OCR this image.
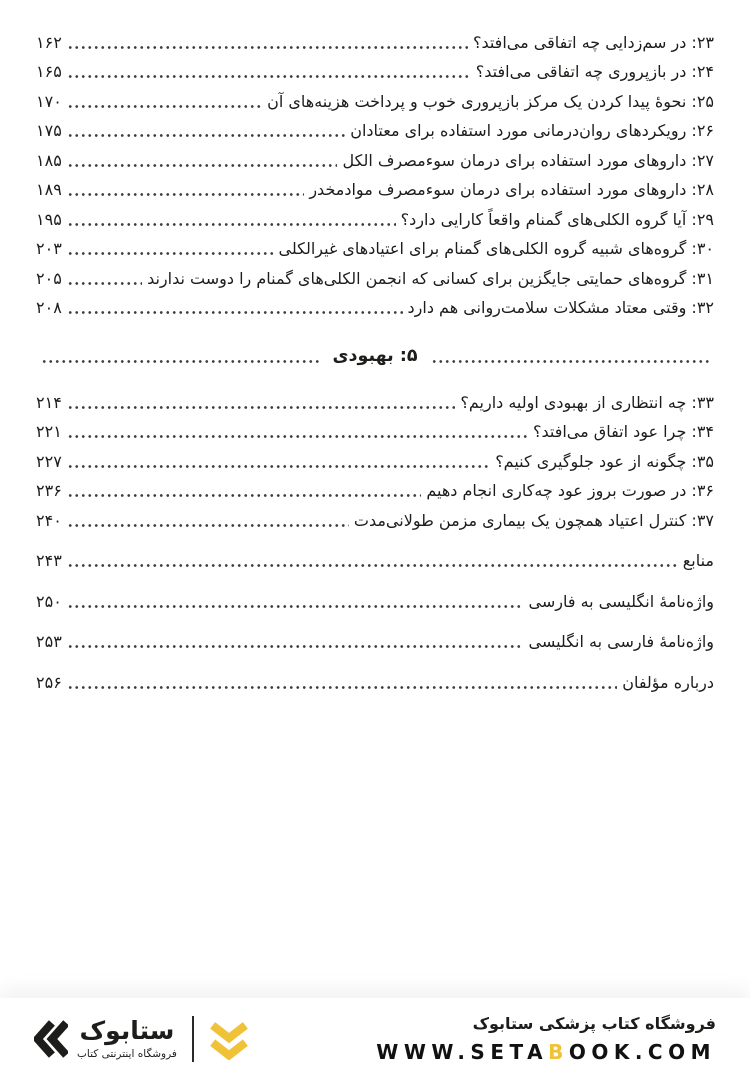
۲۳: در سم‌زدایی چه اتفاقی می‌افتد؟
۱۶۲
۲۴: در بازپروری چه اتفاقی می‌افتد؟
۱۶۵
۲۵: نحوهٔ پیدا کردن یک مرکز بازپروری خوب و پرداخت هزینه‌های آن
۱۷۰
۲۶: رویکردهای روان‌درمانی مورد استفاده برای معتادان
۱۷۵
۲۷: داروهای مورد استفاده برای درمان سوءمصرف الکل
۱۸۵
۲۸: داروهای مورد استفاده برای درمان سوءمصرف موادمخدر
۱۸۹
۲۹: آیا گروه الکلی‌های گمنام واقعاً کارایی دارد؟
۱۹۵
۳۰: گروه‌های شبیه گروه الکلی‌های گمنام برای اعتیادهای غیرالکلی
۲۰۳
۳۱: گروه‌های حمایتی جایگزین برای کسانی که انجمن الکلی‌های گمنام را دوست ندارند
۲۰۵
۳۲: وقتی معتاد مشکلات سلامت‌روانی هم دارد
۲۰۸
۵: بهبودی
۳۳: چه انتظاری از بهبودی اولیه داریم؟
۲۱۴
۳۴: چرا عود اتفاق می‌افتد؟
۲۲۱
۳۵: چگونه از عود جلوگیری کنیم؟
۲۲۷
۳۶: در صورت بروز عود چه‌کاری انجام دهیم
۲۳۶
۳۷: کنترل اعتیاد همچون یک بیماری مزمن طولانی‌مدت
۲۴۰
منابع
۲۴۳
واژه‌نامهٔ انگلیسی به فارسی
۲۵۰
واژه‌نامهٔ فارسی به انگلیسی
۲۵۳
درباره مؤلفان
۲۵۶
فروشگاه کتاب پزشکی ستابوک
WWW.SETABOOK.COM
ستابوک
فروشگاه اینترنتی کتاب
